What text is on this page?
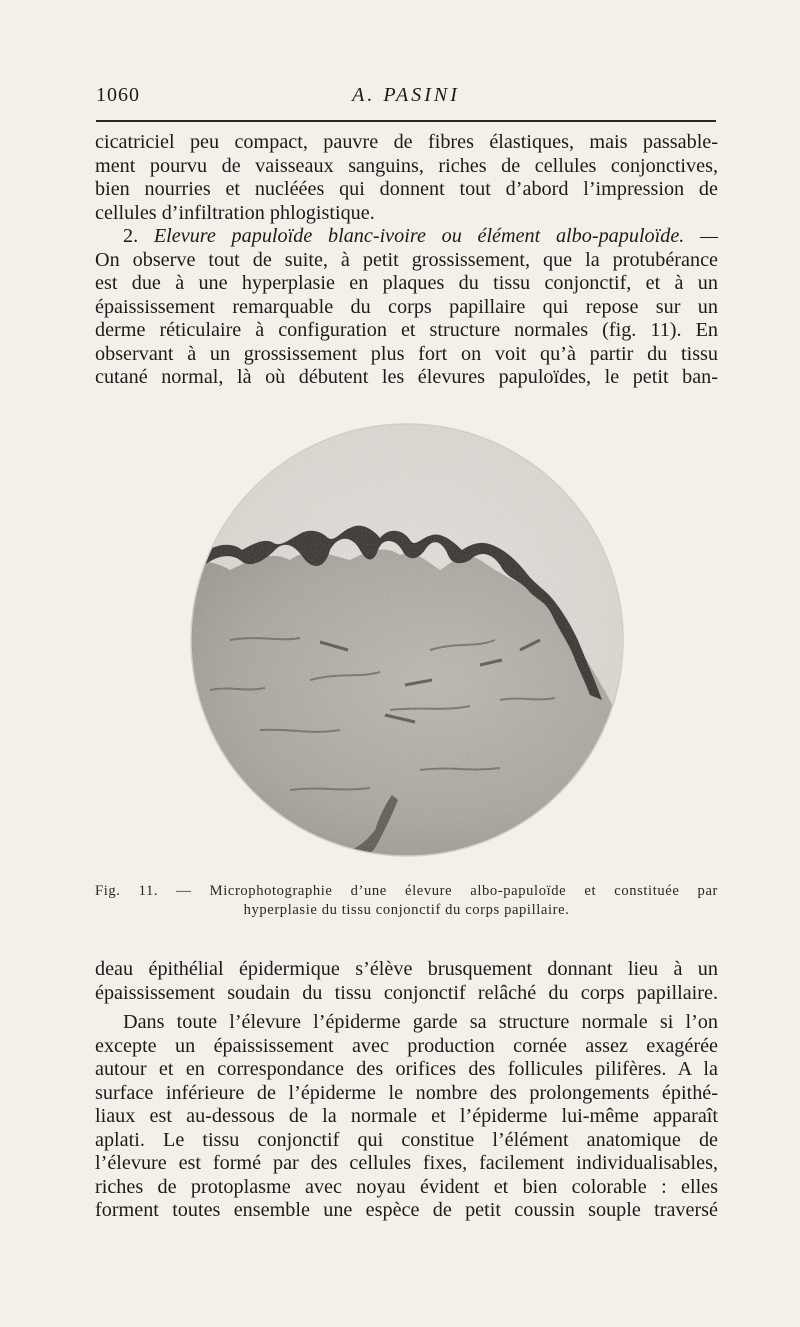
1060	A. PASINI

cicatriciel peu compact, pauvre de fibres élastiques, mais passable-
ment pourvu de vaisseaux sanguins, riches de cellules conjonctives,
bien nourries et nucléées qui donnent tout d’abord l’impression de
cellules d’infiltration phlogistique.

2. Elevure papuloïde blanc-ivoire ou élément albo-papuloïde. —
On observe tout de suite, à petit grossissement, que la protubérance
est due à une hyperplasie en plaques du tissu conjonctif, et à un
épaississement remarquable du corps papillaire qui repose sur un
derme réticulaire à configuration et structure normales (fig. 11). En
observant à un grossissement plus fort on voit qu’à partir du tissu
cutané normal, là où débutent les élevures papuloïdes, le petit ban-

Fig. 11. — Microphotographie d’une élevure albo-papuloïde et constituée par
hyperplasie du tissu conjonctif du corps papillaire.

deau épithélial épidermique s’élève brusquement donnant lieu à un
épaississement soudain du tissu conjonctif relâché du corps papillaire.

Dans toute l’élevure l’épiderme garde sa structure normale si l’on
excepte un épaississement avec production cornée assez exagérée
autour et en correspondance des orifices des follicules pilifères. A la
surface inférieure de l’épiderme le nombre des prolongements épithé-
liaux est au-dessous de la normale et l’épiderme lui-même apparaît
aplati. Le tissu conjonctif qui constitue l’élément anatomique de
l’élevure est formé par des cellules fixes, facilement individualisables,
riches de protoplasme avec noyau évident et bien colorable : elles
forment toutes ensemble une espèce de petit coussin souple traversé
